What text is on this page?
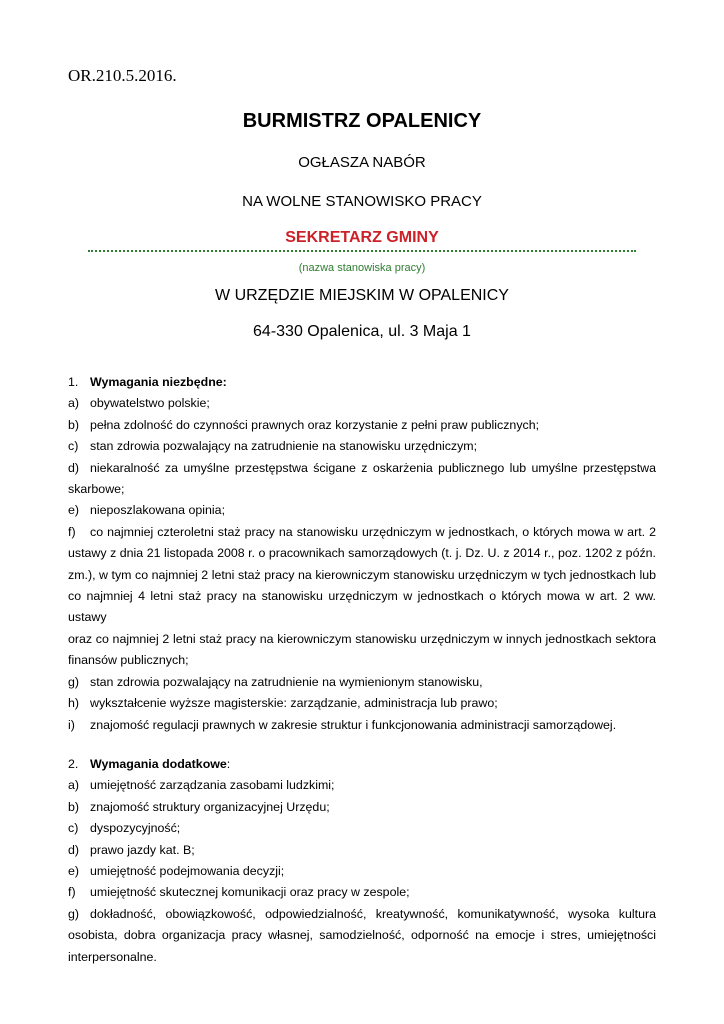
OR.210.5.2016.
BURMISTRZ OPALENICY
OGŁASZA NABÓR
NA WOLNE STANOWISKO PRACY
SEKRETARZ GMINY
(nazwa stanowiska pracy)
W URZĘDZIE MIEJSKIM W OPALENICY
64-330 Opalenica, ul. 3 Maja 1
1. Wymagania niezbędne:
a) obywatelstwo polskie;
b) pełna zdolność do czynności prawnych oraz korzystanie z pełni praw publicznych;
c) stan zdrowia pozwalający na zatrudnienie na stanowisku urzędniczym;
d) niekaralność za umyślne przestępstwa ścigane z oskarżenia publicznego lub umyślne przestępstwa
skarbowe;
e) nieposzlakowana opinia;
f) co najmniej czteroletni staż pracy na stanowisku urzędniczym w jednostkach, o których mowa w art. 2
ustawy z dnia 21 listopada 2008 r. o pracownikach samorządowych (t. j. Dz. U. z 2014 r., poz. 1202 z późn.
zm.), w tym co najmniej 2 letni staż pracy na kierowniczym stanowisku urzędniczym w tych jednostkach lub
co najmniej 4 letni staż pracy na stanowisku urzędniczym w jednostkach o których mowa w art. 2 ww. ustawy
oraz co najmniej 2 letni staż pracy na kierowniczym stanowisku urzędniczym w innych jednostkach sektora
finansów publicznych;
g) stan zdrowia pozwalający na zatrudnienie na wymienionym stanowisku,
h) wykształcenie wyższe magisterskie: zarządzanie, administracja lub prawo;
i) znajomość regulacji prawnych w zakresie struktur i funkcjonowania administracji samorządowej.
2. Wymagania dodatkowe:
a) umiejętność zarządzania zasobami ludzkimi;
b) znajomość struktury organizacyjnej Urzędu;
c) dyspozycyjność;
d) prawo jazdy kat. B;
e) umiejętność podejmowania decyzji;
f) umiejętność skutecznej komunikacji oraz pracy w zespole;
g) dokładność, obowiązkowość, odpowiedzialność, kreatywność, komunikatywność, wysoka kultura
osobista, dobra organizacja pracy własnej, samodzielność, odporność na emocje i stres, umiejętności
interpersonalne.
